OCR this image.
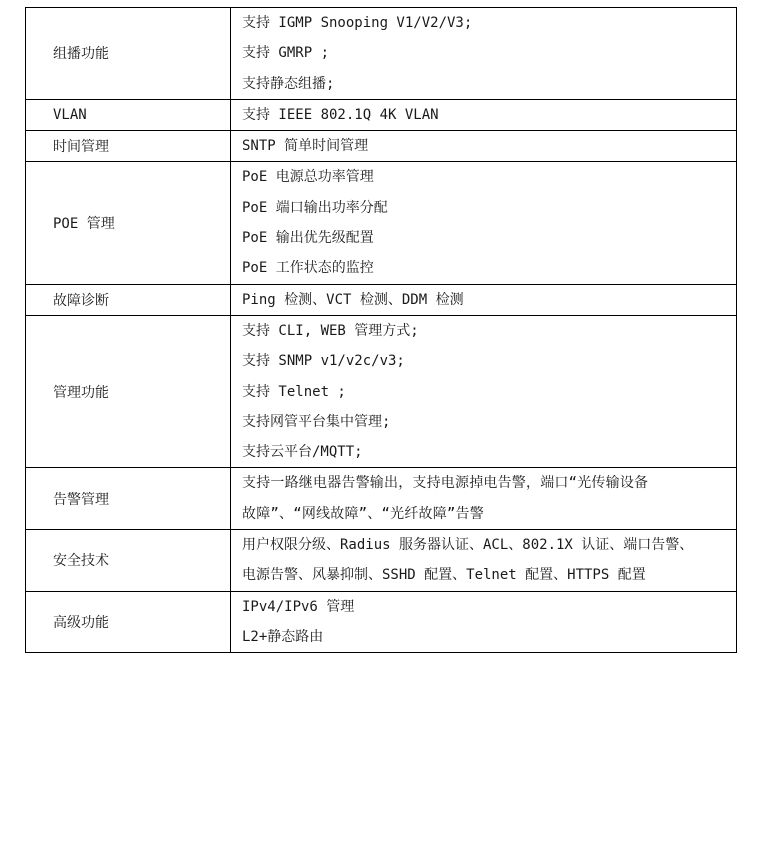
组播功能	支持 IGMP Snooping V1/V2/V3;
支持 GMRP ;
支持静态组播;

VLAN	支持 IEEE 802.1Q 4K VLAN

时间管理	SNTP 简单时间管理

POE 管理	PoE 电源总功率管理
PoE 端口输出功率分配
PoE 输出优先级配置
PoE 工作状态的监控

故障诊断	Ping 检测、VCT 检测、DDM 检测

管理功能	支持 CLI, WEB 管理方式;
支持 SNMP v1/v2c/v3;
支持 Telnet ;
支持网管平台集中管理;
支持云平台/MQTT;

告警管理	支持一路继电器告警输出，支持电源掉电告警，端口“光传输设备
故障”、“网线故障”、“光纤故障”告警

安全技术	用户权限分级、Radius 服务器认证、ACL、802.1X 认证、端口告警、
电源告警、风暴抑制、SSHD 配置、Telnet 配置、HTTPS 配置

高级功能	IPv4/IPv6 管理
L2+静态路由
